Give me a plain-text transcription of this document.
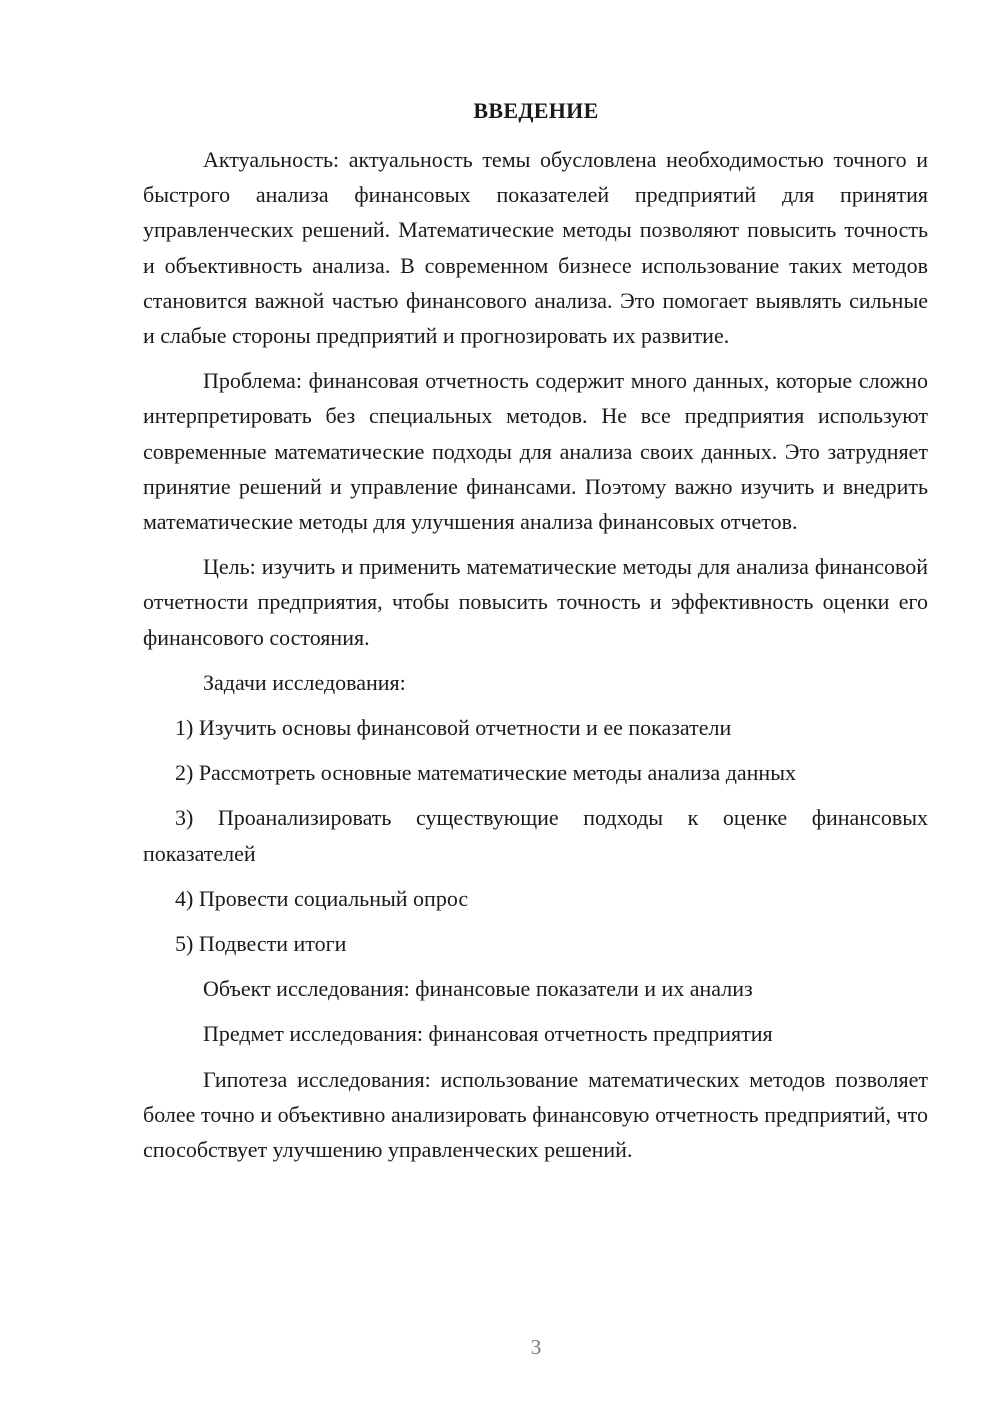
ВВЕДЕНИЕ

Актуальность: актуальность темы обусловлена необходимостью точного и быстрого анализа финансовых показателей предприятий для принятия управленческих решений. Математические методы позволяют повысить точность и объективность анализа. В современном бизнесе использование таких методов становится важной частью финансового анализа. Это помогает выявлять сильные и слабые стороны предприятий и прогнозировать их развитие.

Проблема: финансовая отчетность содержит много данных, которые сложно интерпретировать без специальных методов. Не все предприятия используют современные математические подходы для анализа своих данных. Это затрудняет принятие решений и управление финансами. Поэтому важно изучить и внедрить математические методы для улучшения анализа финансовых отчетов.

Цель: изучить и применить математические методы для анализа финансовой отчетности предприятия, чтобы повысить точность и эффективность оценки его финансового состояния.

Задачи исследования:

1) Изучить основы финансовой отчетности и ее показатели

2) Рассмотреть основные математические методы анализа данных

3) Проанализировать существующие подходы к оценке финансовых показателей

4) Провести социальный опрос

5) Подвести итоги

Объект исследования: финансовые показатели и их анализ

Предмет исследования: финансовая отчетность предприятия

Гипотеза исследования: использование математических методов позволяет более точно и объективно анализировать финансовую отчетность предприятий, что способствует улучшению управленческих решений.

3
